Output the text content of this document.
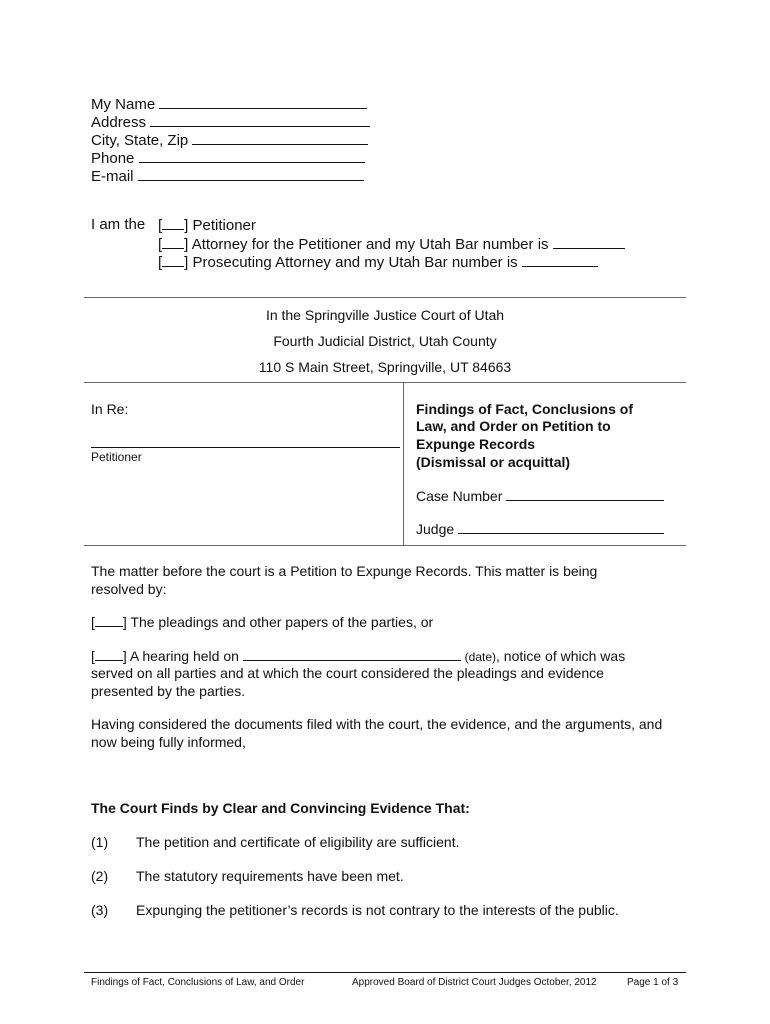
My Name
Address
City, State, Zip
Phone
E-mail
I am the [ ] Petitioner
[ ] Attorney for the Petitioner and my Utah Bar number is
[ ] Prosecuting Attorney and my Utah Bar number is
In the Springville Justice Court of Utah
Fourth Judicial District, Utah County
110 S Main Street, Springville, UT 84663
In Re:
Petitioner
Findings of Fact, Conclusions of
Law, and Order on Petition to
Expunge Records
(Dismissal or acquittal)
Case Number
Judge
The matter before the court is a Petition to Expunge Records. This matter is being resolved by:
[ ] The pleadings and other papers of the parties, or
[ ] A hearing held on	(date), notice of which was
served on all parties and at which the court considered the pleadings and evidence presented by the parties.
Having considered the documents filed with the court, the evidence, and the arguments, and now being fully informed,
The Court Finds by Clear and Convincing Evidence That:
(1) The petition and certificate of eligibility are sufficient.
(2) The statutory requirements have been met.
(3) Expunging the petitioner’s records is not contrary to the interests of the public.
Findings of Fact, Conclusions of Law, and Order	Approved Board of District Court Judges October, 2012	Page 1 of 3
